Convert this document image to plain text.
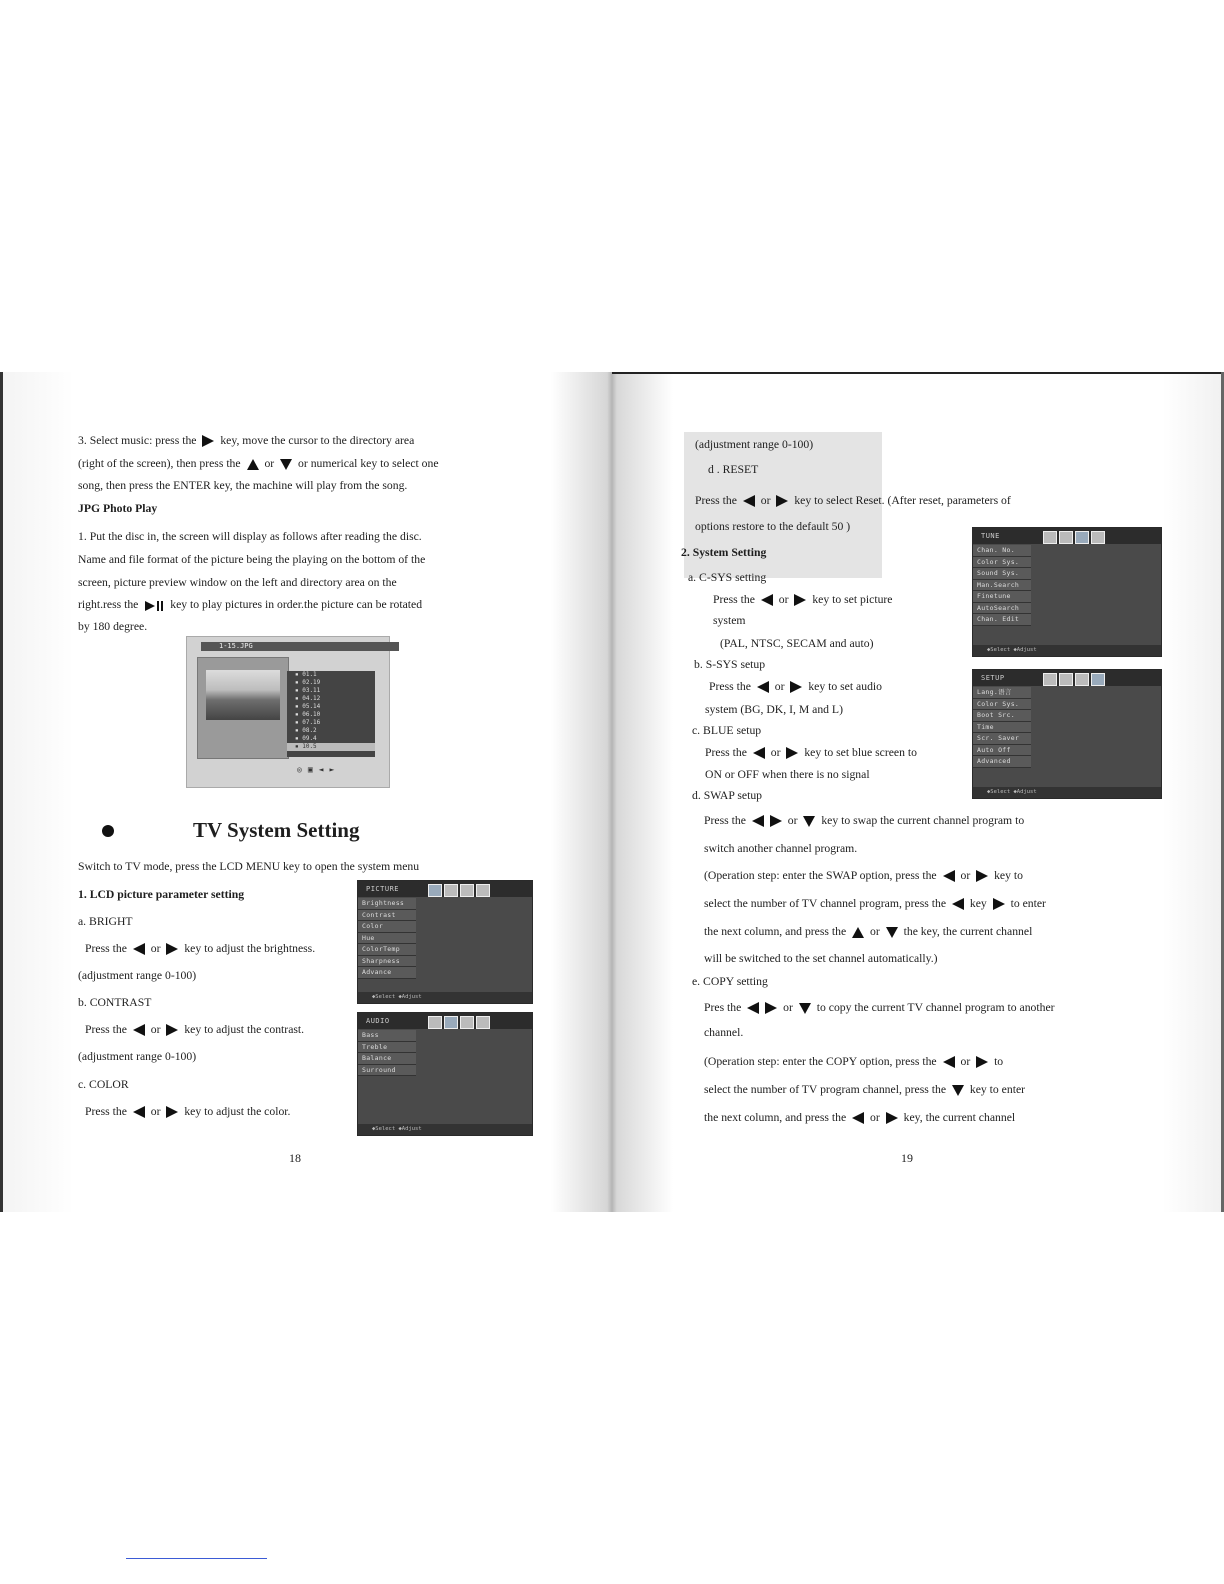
3. Select music: press the  key, move the cursor to the directory area
(right of the screen), then press the  or  or numerical key to select one
song, then press the ENTER key, the machine will play from the song.
JPG Photo Play
1. Put the disc in, the screen will display as follows after reading the disc.
Name and file format of the picture being the playing on the bottom of the
screen, picture preview window on the left and directory area on the
right.ress the  key to play pictures in order.the picture can be rotated
by 180 degree.
1-15.JPG
▪ 01.1
▪ 02.19
▪ 03.11
▪ 04.12
▪ 05.14
▪ 06.10
▪ 07.16
▪ 08.2
▪ 09.4
▪ 10.5
◎▣◄►
TV System Setting
Switch to TV mode, press the LCD MENU key to open the system menu
1. LCD picture parameter setting
a. BRIGHT
Press the  or  key to adjust the brightness.
(adjustment range 0-100)
b. CONTRAST
Press the  or  key to adjust the contrast.
(adjustment range 0-100)
c. COLOR
Press the  or  key to adjust the color.
PICTURE
Brightness
Contrast
Color
Hue
ColorTemp
Sharpness
Advance
◆Select ◆Adjust
AUDIO
Bass
Treble
Balance
Surround
◆Select ◆Adjust
18
(adjustment range 0-100)
d . RESET
Press the  or  key to select Reset. (After reset, parameters of
options restore to the default 50 )
2. System Setting
a. C-SYS setting
Press the  or  key to set picture
system
(PAL, NTSC, SECAM and auto)
b. S-SYS setup
Press the  or  key to set audio
system (BG, DK, I, M and L)
c. BLUE setup
Press the  or  key to set blue screen to
ON or OFF when there is no signal
d. SWAP setup
Press the	or  key to swap the current channel program to
switch another channel program.
(Operation step: enter the SWAP option, press the  or  key to
select the number of TV channel program, press the  key  to enter
the next column, and press the  or  the key, the current channel
will be switched to the set channel automatically.)
e. COPY setting
Pres the	or  to copy the current TV channel program to another
channel.
(Operation step: enter the COPY option, press the  or  to
select the number of TV program channel, press the  key to enter
the next column, and press the  or  key, the current channel
TUNE
Chan. No.
Color Sys.
Sound Sys.
Man.Search
Finetune
AutoSearch
Chan. Edit
◆Select ◆Adjust
SETUP
Lang.语言
Color Sys.
Boot Src.
Time
Scr. Saver
Auto Off
Advanced
◆Select ◆Adjust
19
